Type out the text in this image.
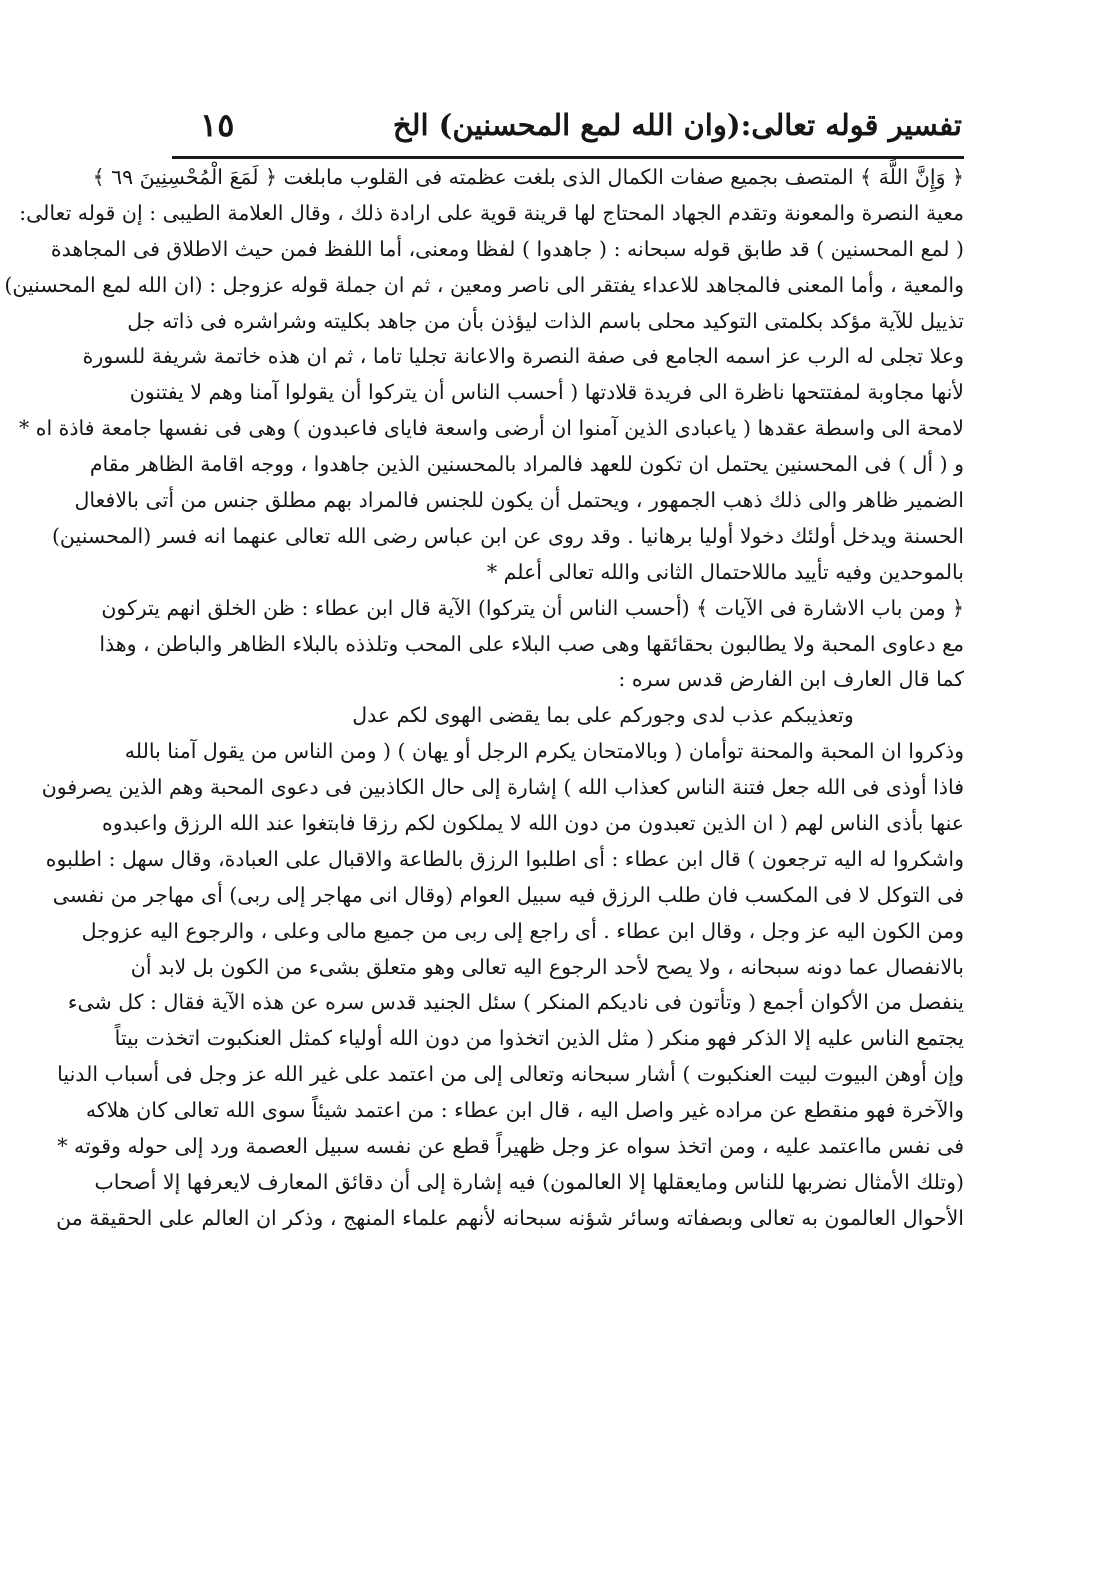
تفسير قوله تعالى:(وان الله لمع المحسنين) الخ
١٥
﴿ وَإِنَّ اللَّهَ ﴾ المتصف بجميع صفات الكمال الذى بلغت عظمته فى القلوب مابلغت ﴿ لَمَعَ الْمُحْسِنِينَ ٦٩ ﴾
معية النصرة والمعونة وتقدم الجهاد المحتاج لها قرينة قوية على ارادة ذلك ، وقال العلامة الطيبى : إن قوله تعالى:
( لمع المحسنين ) قد طابق قوله سبحانه : ( جاهدوا ) لفظا ومعنى، أما اللفظ فمن حيث الاطلاق فى المجاهدة
والمعية ، وأما المعنى فالمجاهد للاعداء يفتقر الى ناصر ومعين ، ثم ان جملة قوله عزوجل : (ان الله لمع المحسنين)
تذييل للآية مؤكد بكلمتى التوكيد محلى باسم الذات ليؤذن بأن من جاهد بكليته وشراشره فى ذاته جل
وعلا تجلى له الرب عز اسمه الجامع فى صفة النصرة والاعانة تجليا تاما ، ثم ان هذه خاتمة شريفة للسورة
لأنها مجاوبة لمفتتحها ناظرة الى فريدة قلادتها ( أحسب الناس أن يتركوا أن يقولوا آمنا وهم لا يفتنون
لامحة الى واسطة عقدها ( ياعبادى الذين آمنوا ان أرضى واسعة فاياى فاعبدون ) وهى فى نفسها جامعة فاذة اه *
و ( أل ) فى المحسنين يحتمل ان تكون للعهد فالمراد بالمحسنين الذين جاهدوا ، ووجه اقامة الظاهر مقام
الضمير ظاهر والى ذلك ذهب الجمهور ، ويحتمل أن يكون للجنس فالمراد بهم مطلق جنس من أتى بالافعال
الحسنة ويدخل أولئك دخولا أوليا برهانيا . وقد روى عن ابن عباس رضى الله تعالى عنهما انه فسر (المحسنين)
بالموحدين وفيه تأييد ماللاحتمال الثانى والله تعالى أعلم *
﴿ ومن باب الاشارة فى الآيات ﴾ (أحسب الناس أن يتركوا) الآية قال ابن عطاء : ظن الخلق انهم يتركون
مع دعاوى المحبة ولا يطالبون بحقائقها وهى صب البلاء على المحب وتلذذه بالبلاء الظاهر والباطن ، وهذا
كما قال العارف ابن الفارض قدس سره :
وتعذيبكم عذب لدى وجوركم على بما يقضى الهوى لكم عدل
وذكروا ان المحبة والمحنة توأمان ( وبالامتحان يكرم الرجل أو يهان ) ( ومن الناس من يقول آمنا بالله
فاذا أوذى فى الله جعل فتنة الناس كعذاب الله ) إشارة إلى حال الكاذبين فى دعوى المحبة وهم الذين يصرفون
عنها بأذى الناس لهم ( ان الذين تعبدون من دون الله لا يملكون لكم رزقا فابتغوا عند الله الرزق واعبدوه
واشكروا له اليه ترجعون ) قال ابن عطاء : أى اطلبوا الرزق بالطاعة والاقبال على العبادة، وقال سهل : اطلبوه
فى التوكل لا فى المكسب فان طلب الرزق فيه سبيل العوام (وقال انى مهاجر إلى ربى) أى مهاجر من نفسى
ومن الكون اليه عز وجل ، وقال ابن عطاء . أى راجع إلى ربى من جميع مالى وعلى ، والرجوع اليه عزوجل
بالانفصال عما دونه سبحانه ، ولا يصح لأحد الرجوع اليه تعالى وهو متعلق بشىء من الكون بل لابد أن
ينفصل من الأكوان أجمع ( وتأتون فى ناديكم المنكر ) سئل الجنيد قدس سره عن هذه الآية فقال : كل شىء
يجتمع الناس عليه إلا الذكر فهو منكر ( مثل الذين اتخذوا من دون الله أولياء كمثل العنكبوت اتخذت بيتاً
وإن أوهن البيوت لبيت العنكبوت ) أشار سبحانه وتعالى إلى من اعتمد على غير الله عز وجل فى أسباب الدنيا
والآخرة فهو منقطع عن مراده غير واصل اليه ، قال ابن عطاء : من اعتمد شيئاً سوى الله تعالى كان هلاكه
فى نفس مااعتمد عليه ، ومن اتخذ سواه عز وجل ظهيراً قطع عن نفسه سبيل العصمة ورد إلى حوله وقوته *
(وتلك الأمثال نضربها للناس ومايعقلها إلا العالمون) فيه إشارة إلى أن دقائق المعارف لايعرفها إلا أصحاب
الأحوال العالمون به تعالى وبصفاته وسائر شؤنه سبحانه لأنهم علماء المنهج ، وذكر ان العالم على الحقيقة من
